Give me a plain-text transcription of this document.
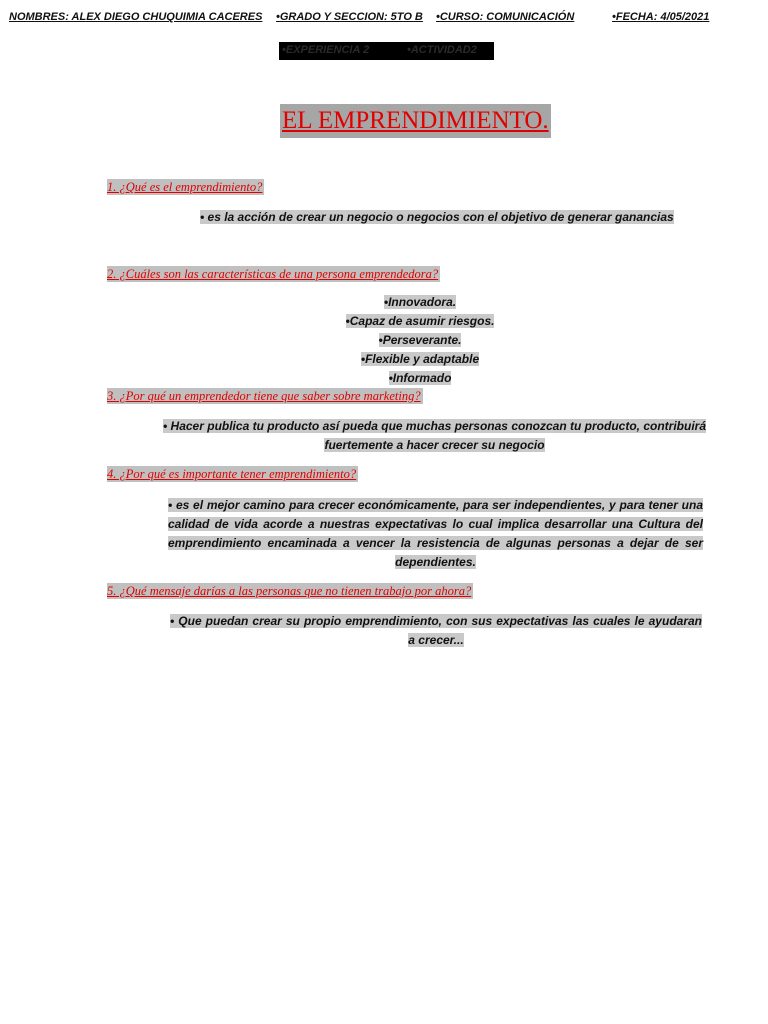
NOMBRES: ALEX DIEGO CHUQUIMIA CACERES •GRADO Y SECCION: 5TO B •CURSO: COMUNICACIÓN	•FECHA: 4/05/2021
•EXPERIENCIA 2	•ACTIVIDAD2
EL EMPRENDIMIENTO.
1. ¿Qué es el emprendimiento?
• es la acción de crear un negocio o negocios con el objetivo de generar ganancias
2. ¿Cuáles son las características de una persona emprendedora?
•Innovadora.
•Capaz de asumir riesgos.
•Perseverante.
•Flexible y adaptable
•Informado
3. ¿Por qué un emprendedor tiene que saber sobre marketing?
• Hacer publica tu producto así pueda que muchas personas conozcan tu producto, contribuirá fuertemente a hacer crecer su negocio
4. ¿Por qué es importante tener emprendimiento?
• es el mejor camino para crecer económicamente, para ser independientes, y para tener una calidad de vida acorde a nuestras expectativas lo cual implica desarrollar una Cultura del emprendimiento encaminada a vencer la resistencia de algunas personas a dejar de ser dependientes.
5. ¿Qué mensaje darías a las personas que no tienen trabajo por ahora?
• Que puedan crear su propio emprendimiento, con sus expectativas las cuales le ayudaran a crecer...
